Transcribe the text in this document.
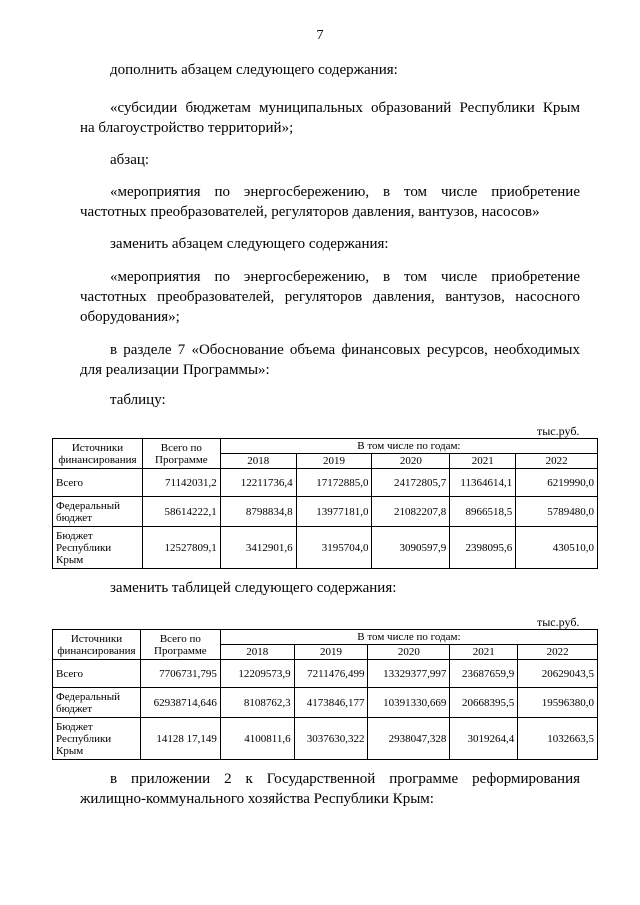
7
дополнить абзацем следующего содержания:
«субсидии бюджетам муниципальных образований Республики Крым
на благоустройство территорий»;
абзац:
«мероприятия по энергосбережению, в том числе приобретение
частотных преобразователей, регуляторов давления, вантузов, насосов»
заменить абзацем следующего содержания:
«мероприятия по энергосбережению, в том числе приобретение
частотных преобразователей, регуляторов давления, вантузов, насосного
оборудования»;
в разделе 7 «Обоснование объема финансовых ресурсов, необходимых
для реализации Программы»:
таблицу:
тыс.руб.
Источники финансирования	Всего по Программе	В том числе по годам:				
		2018	2019	2020	2021	2022
Всего	71142031,2	12211736,4	17172885,0	24172805,7	11364614,1	6219990,0
Федеральный бюджет	58614222,1	8798834,8	13977181,0	21082207,8	8966518,5	5789480,0
Бюджет Республики Крым	12527809,1	3412901,6	3195704,0	3090597,9	2398095,6	430510,0
заменить таблицей следующего содержания:
тыс.руб.
Источники финансирования	Всего по Программе	В том числе по годам:				
		2018	2019	2020	2021	2022
Всего	7706731,795	12209573,9	7211476,499	13329377,997	23687659,9	20629043,5
Федеральный бюджет	62938714,646	8108762,3	4173846,177	10391330,669	20668395,5	19596380,0
Бюджет Республики Крым	14128 17,149	4100811,6	3037630,322	2938047,328	3019264,4	1032663,5
в приложении 2 к Государственной программе реформирования
жилищно-коммунального хозяйства Республики Крым:
